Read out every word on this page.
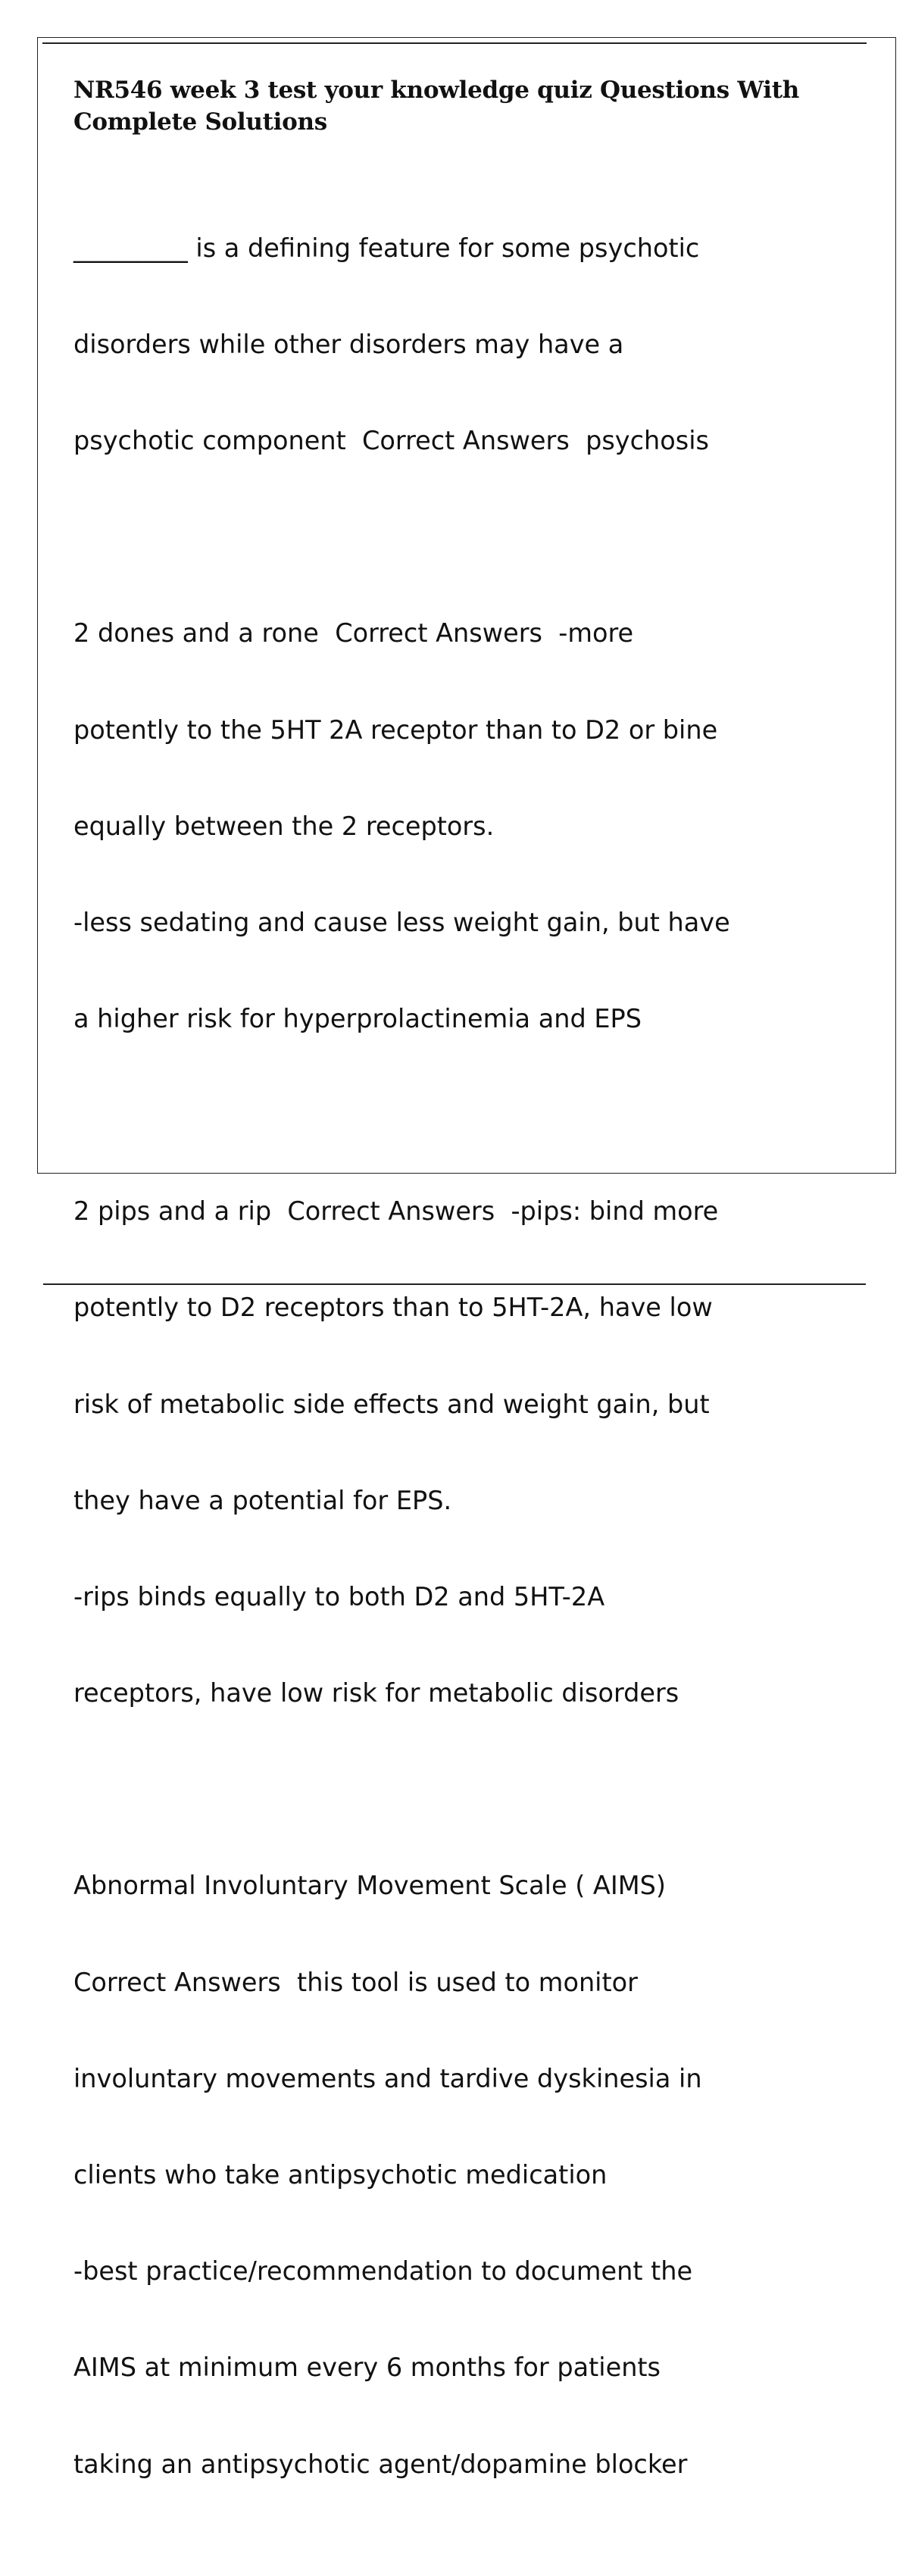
NR546 week 3 test your knowledge quiz Questions With
Complete Solutions

_________ is a defining feature for some psychotic

disorders while other disorders may have a

psychotic component  Correct Answers  psychosis

2 dones and a rone  Correct Answers  -more

potently to the 5HT 2A receptor than to D2 or bine

equally between the 2 receptors.

-less sedating and cause less weight gain, but have

a higher risk for hyperprolactinemia and EPS

2 pips and a rip  Correct Answers  -pips: bind more

potently to D2 receptors than to 5HT-2A, have low

risk of metabolic side effects and weight gain, but

they have a potential for EPS.

-rips binds equally to both D2 and 5HT-2A

receptors, have low risk for metabolic disorders

Abnormal Involuntary Movement Scale ( AIMS)

Correct Answers  this tool is used to monitor

involuntary movements and tardive dyskinesia in

clients who take antipsychotic medication

-best practice/recommendation to document the

AIMS at minimum every 6 months for patients

taking an antipsychotic agent/dopamine blocker
